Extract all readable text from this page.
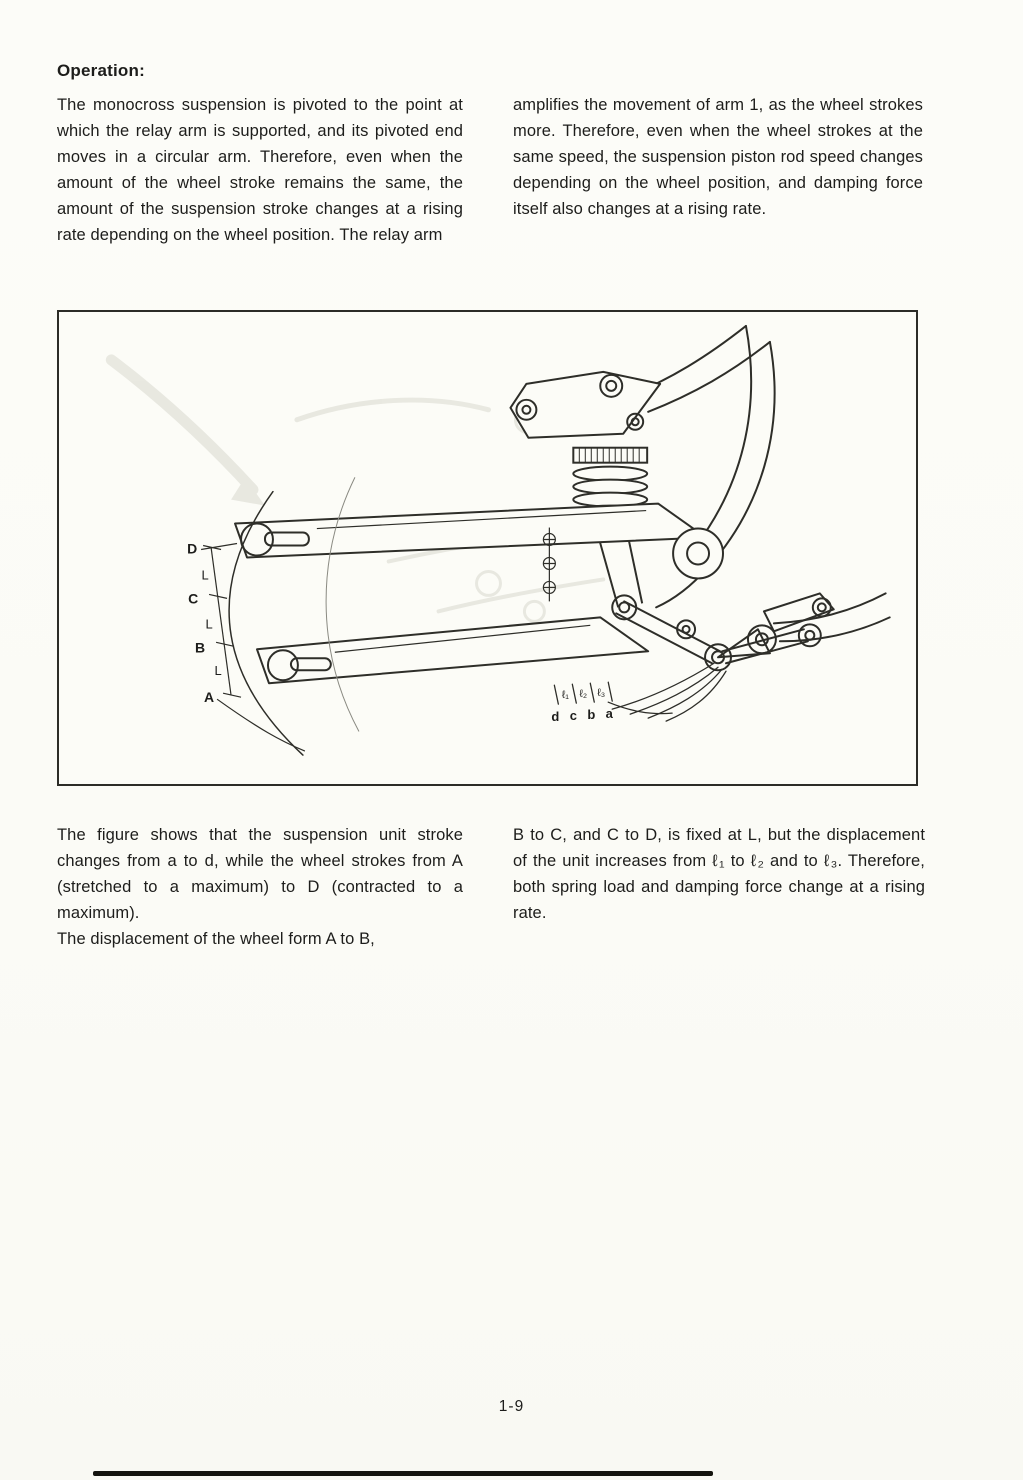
Operation:

The monocross suspension is pivoted to the point at which the relay arm is supported, and its pivoted end moves in a circular arm. Therefore, even when the amount of the wheel stroke remains the same, the amount of the suspension stroke changes at a rising rate depending on the wheel position. The relay arm

amplifies the movement of arm 1, as the wheel strokes more. Therefore, even when the wheel strokes at the same speed, the suspension piston rod speed changes depending on the wheel position, and damping force itself also changes at a rising rate.

D
L
C
L
B
L
A	ℓ₁ ℓ₂ ℓ₃
d c b a

The figure shows that the suspension unit stroke changes from a to d, while the wheel strokes from A (stretched to a maximum) to D (contracted to a maximum).

The displacement of the wheel form A to B,

B to C, and C to D, is fixed at L, but the displacement of the unit increases from ℓ₁ to ℓ₂ and to ℓ₃. Therefore, both spring load and damping force change at a rising rate.

1-9
